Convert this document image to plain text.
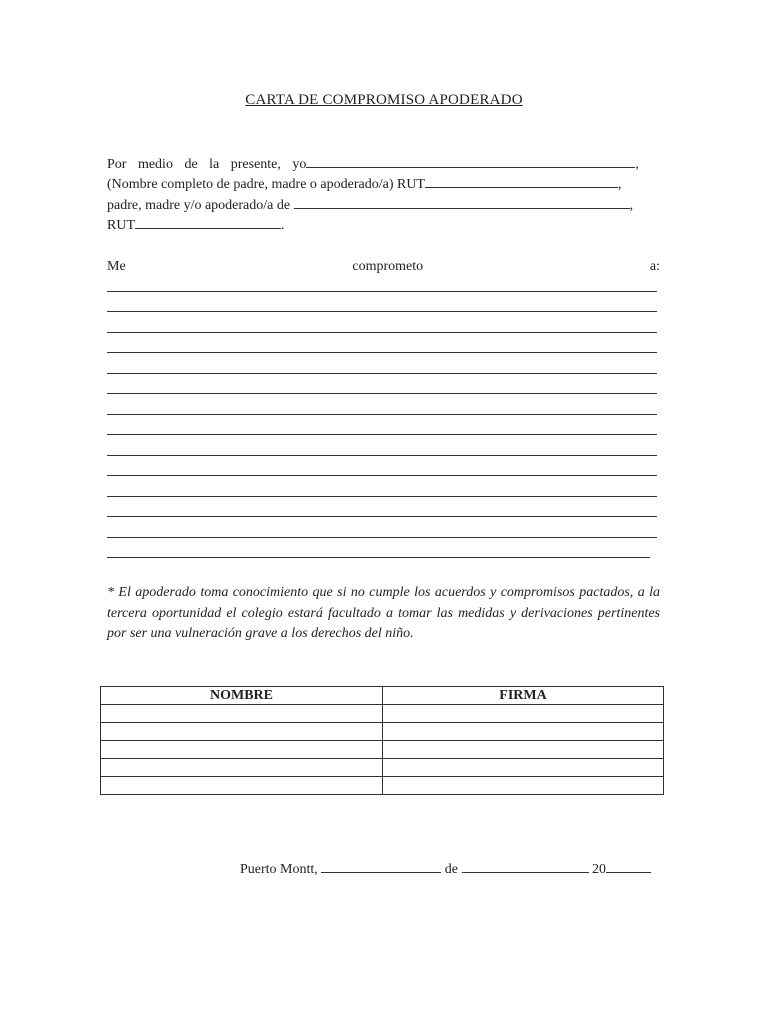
CARTA DE COMPROMISO APODERADO
Por medio de la presente, yo	,
(Nombre completo de padre, madre o apoderado/a) RUT	,
padre, madre y/o apoderado/a de	,
RUT	.
Me	comprometo	a:
* El apoderado toma conocimiento que si no cumple los acuerdos y compromisos pactados, a la tercera oportunidad el colegio estará facultado a tomar las medidas y derivaciones pertinentes por ser una vulneración grave a los derechos del niño.
NOMBRE	FIRMA

Puerto Montt,	de	20
